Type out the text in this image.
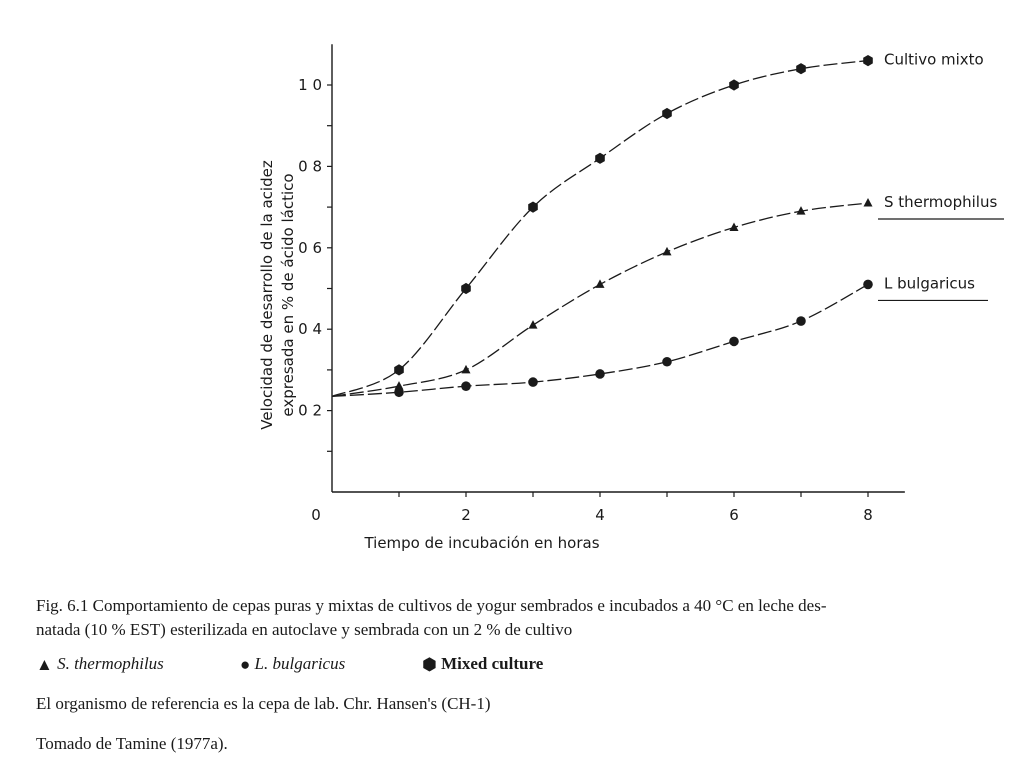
0	2	4	6	8
0 2
0 4
0 6
0 8
1 0
Cultivo mixto
S thermophilus
L bulgaricus
Tiempo de incubación en horas
Velocidad de desarrollo de la acidez expresada en % de ácido láctico
Fig. 6.1 Comportamiento de cepas puras y mixtas de cultivos de yogur sembrados e incubados a 40 °C en leche des-
natada (10 % EST) esterilizada en autoclave y sembrada con un 2 % de cultivo
▲ S. thermophilus	● L. bulgaricus	⬢ Mixed culture
El organismo de referencia es la cepa de lab. Chr. Hansen's (CH-1)
Tomado de Tamine (1977a).
